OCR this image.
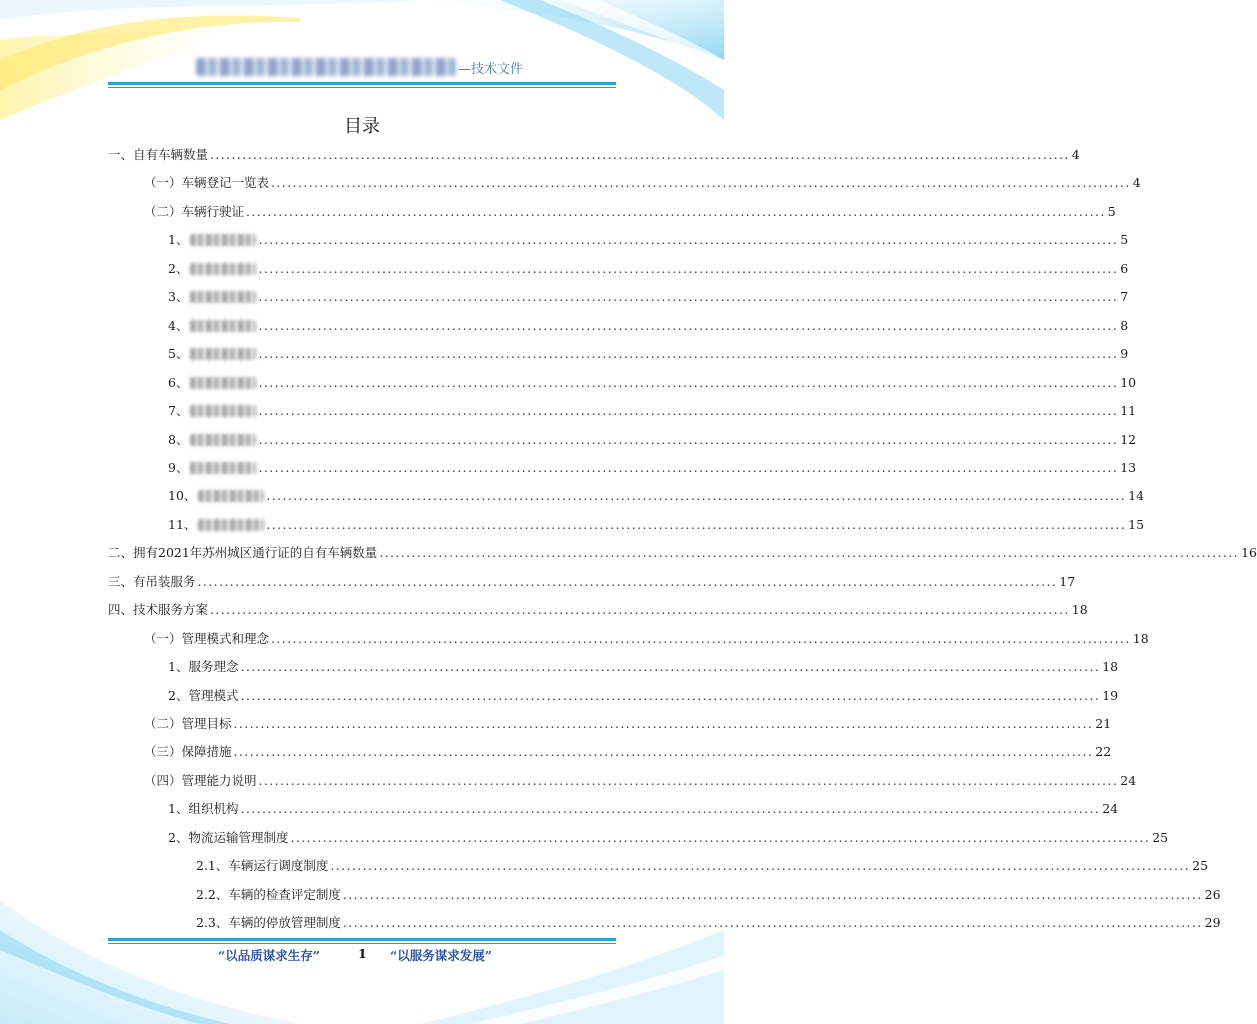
—技术文件
目录
一、自有车辆数量 ................................................................................................................................................................ 4
（一）车辆登记一览表 ................................................................................................................................................................ 4
（二）车辆行驶证 ................................................................................................................................................................ 5
1、	................................................................................................................................................................ 5
2、	................................................................................................................................................................ 6
3、	................................................................................................................................................................ 7
4、	................................................................................................................................................................ 8
5、	................................................................................................................................................................ 9
6、	................................................................................................................................................................ 10
7、	................................................................................................................................................................ 11
8、	................................................................................................................................................................ 12
9、	................................................................................................................................................................ 13
10、	................................................................................................................................................................ 14
11、	................................................................................................................................................................ 15
二、拥有2021年苏州城区通行证的自有车辆数量 ................................................................................................................................................................ 16
三、有吊装服务 ................................................................................................................................................................ 17
四、技术服务方案 ................................................................................................................................................................ 18
（一）管理模式和理念 ................................................................................................................................................................ 18
1、服务理念 ................................................................................................................................................................ 18
2、管理模式 ................................................................................................................................................................ 19
（二）管理目标 ................................................................................................................................................................ 21
（三）保障措施 ................................................................................................................................................................ 22
（四）管理能力说明 ................................................................................................................................................................ 24
1、组织机构 ................................................................................................................................................................ 24
2、物流运输管理制度 ................................................................................................................................................................ 25
2.1、车辆运行调度制度 ................................................................................................................................................................ 25
2.2、车辆的检查评定制度 ................................................................................................................................................................ 26
2.3、车辆的停放管理制度 ................................................................................................................................................................ 29
“以品质谋求生存”	1 “以服务谋求发展”
